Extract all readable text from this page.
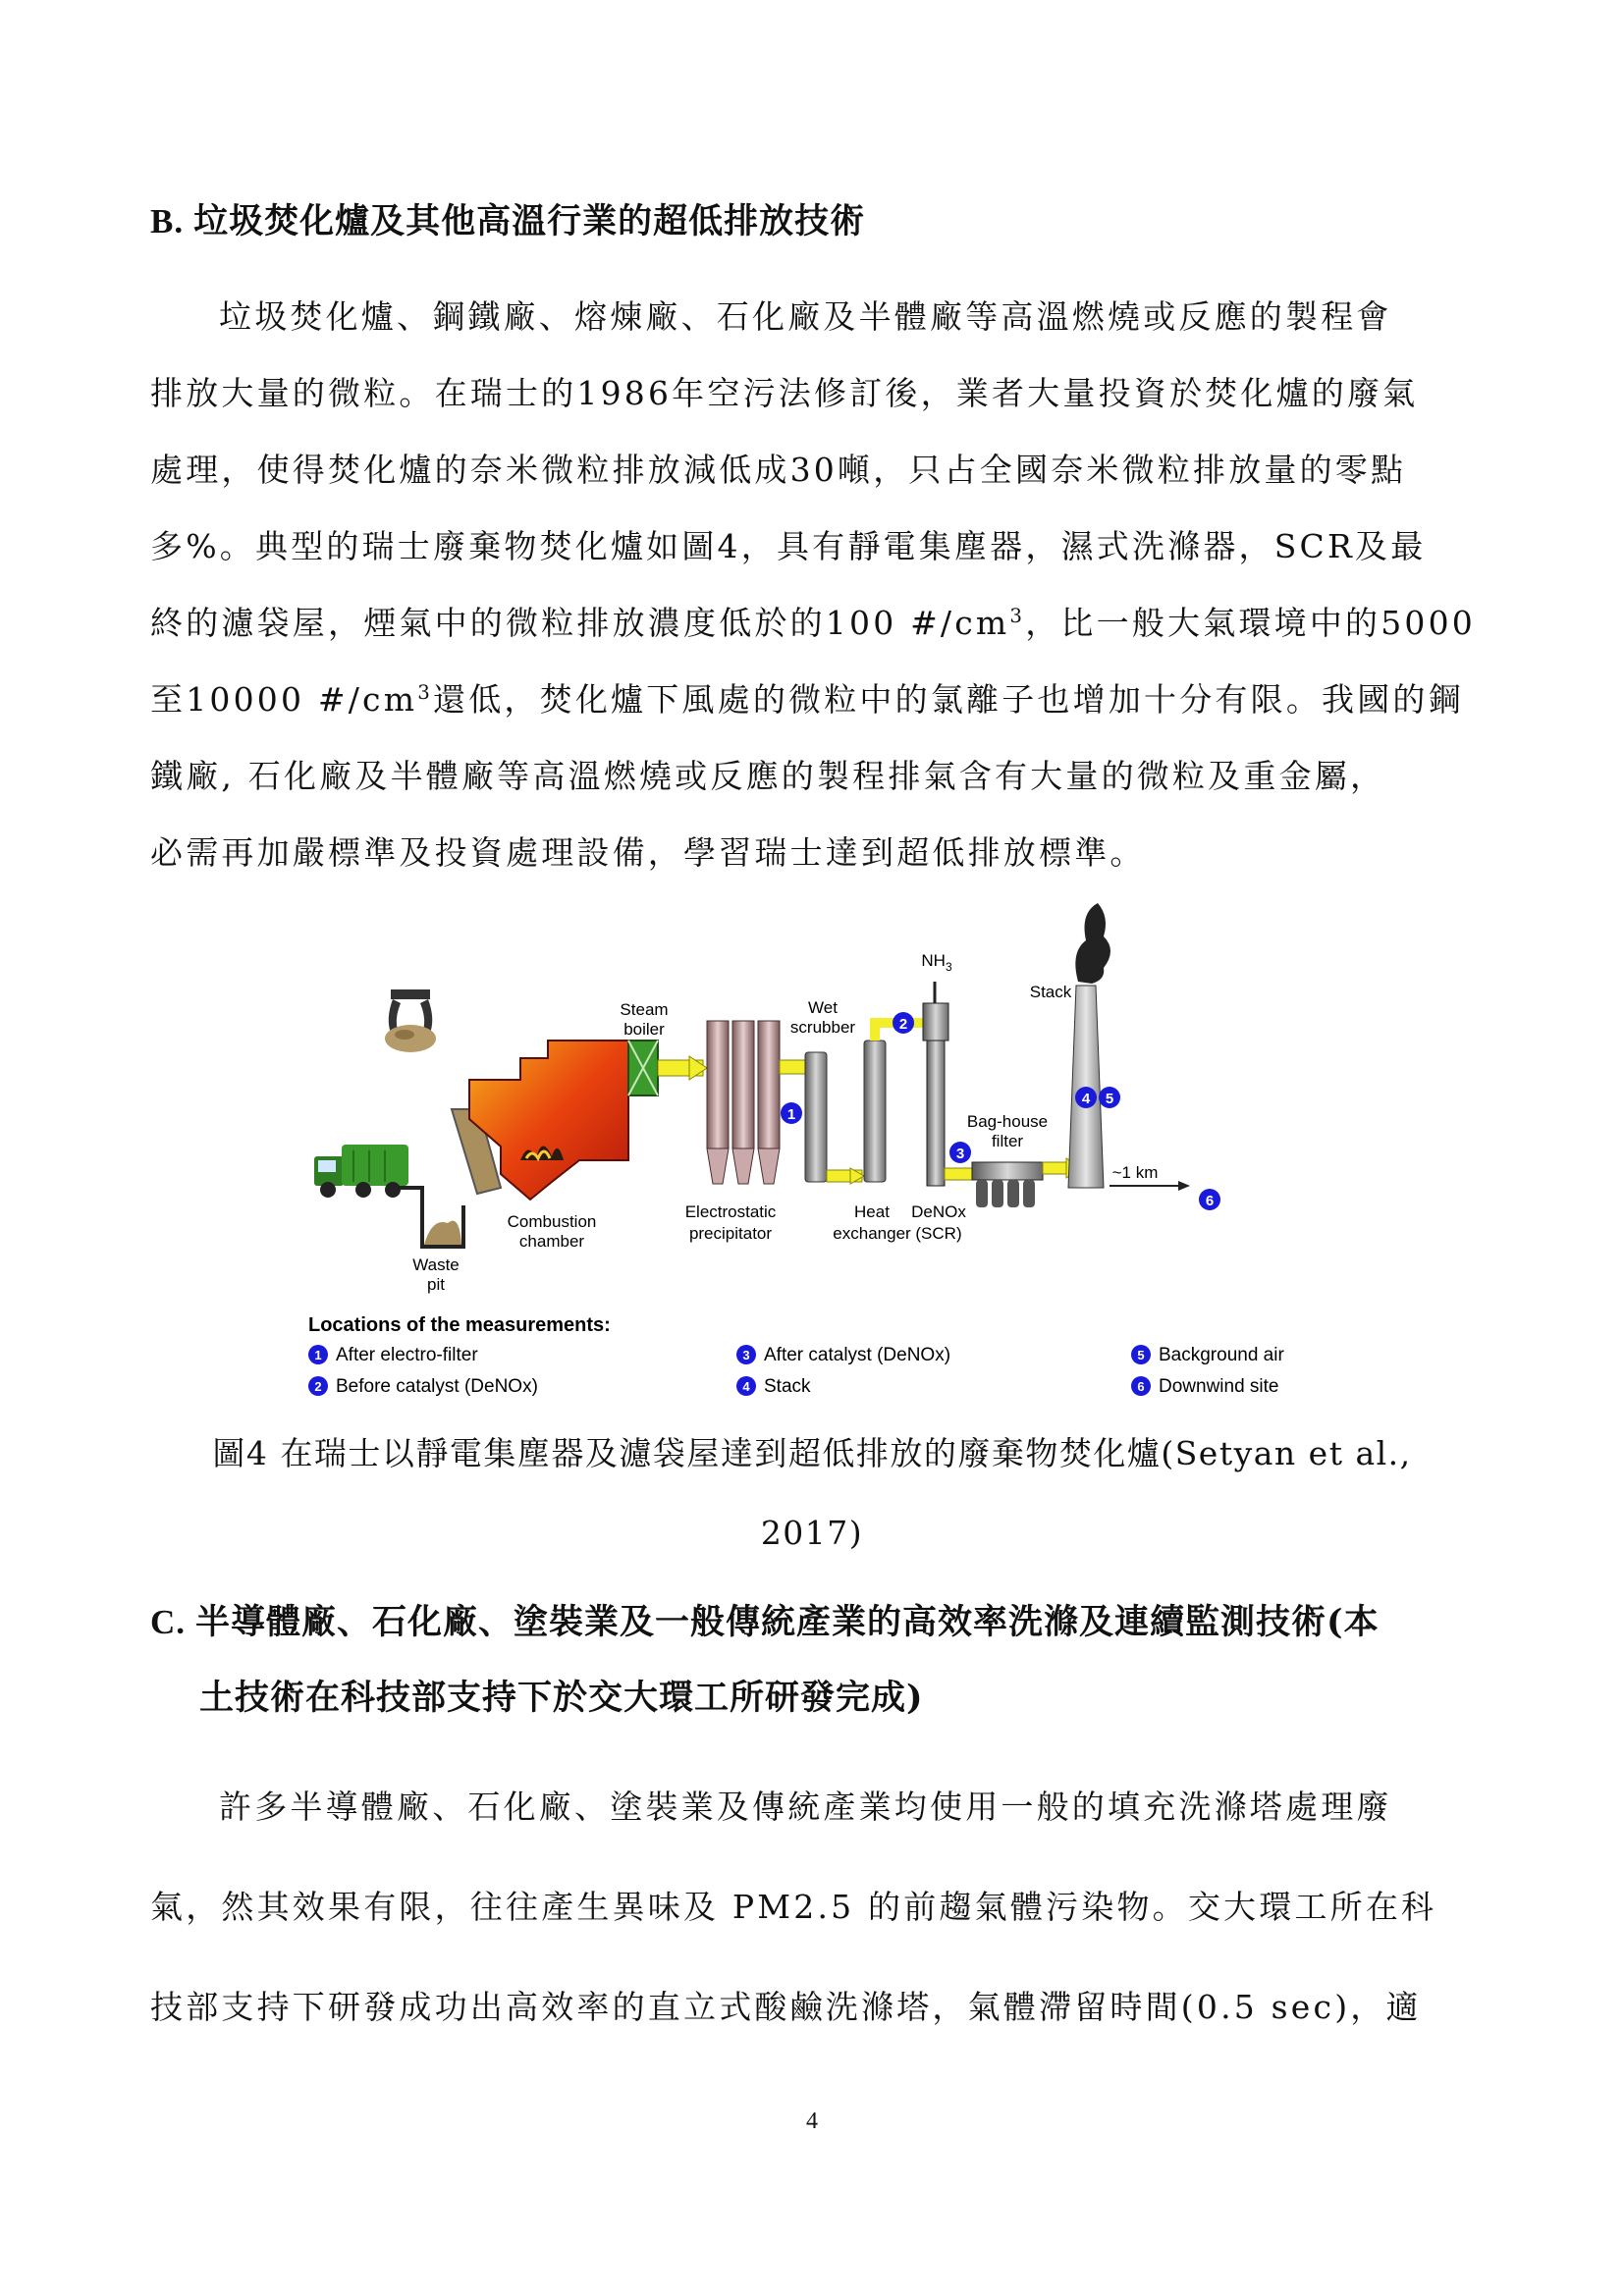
B. 垃圾焚化爐及其他高溫行業的超低排放技術
垃圾焚化爐、鋼鐵廠、熔煉廠、石化廠及半體廠等高溫燃燒或反應的製程會
排放大量的微粒。在瑞士的1986年空污法修訂後，業者大量投資於焚化爐的廢氣
處理，使得焚化爐的奈米微粒排放減低成30噸，只占全國奈米微粒排放量的零點
多%。典型的瑞士廢棄物焚化爐如圖4，具有靜電集塵器，濕式洗滌器，SCR及最
終的濾袋屋，煙氣中的微粒排放濃度低於的100 $\#/cm^3$，比一般大氣環境中的5000
至10000 $\#/cm^3$還低，焚化爐下風處的微粒中的氯離子也增加十分有限。我國的鋼
鐵廠, 石化廠及半體廠等高溫燃燒或反應的製程排氣含有大量的微粒及重金屬，
必需再加嚴標準及投資處理設備，學習瑞士達到超低排放標準。
$NH_3$
Stack
Steam
boiler
Wet
scrubber
Bag-house
filter
~1 km
Combustion
chamber
Electrostatic
precipitator
Heat
exchanger
DeNOx
(SCR)
Waste
pit
1
2
3
4 5
6
Locations of the measurements:
1 After electro-filter
2 Before catalyst (DeNOx)
3 After catalyst (DeNOx)
4 Stack
5 Background air
6 Downwind site
圖4 在瑞士以靜電集塵器及濾袋屋達到超低排放的廢棄物焚化爐(Setyan et al.,
2017)
C. 半導體廠、石化廠、塗裝業及一般傳統產業的高效率洗滌及連續監測技術(本
土技術在科技部支持下於交大環工所研發完成)
許多半導體廠、石化廠、塗裝業及傳統產業均使用一般的填充洗滌塔處理廢
氣，然其效果有限，往往產生異味及 PM2.5 的前趨氣體污染物。交大環工所在科
技部支持下研發成功出高效率的直立式酸鹼洗滌塔，氣體滯留時間(0.5 sec)，適
4
